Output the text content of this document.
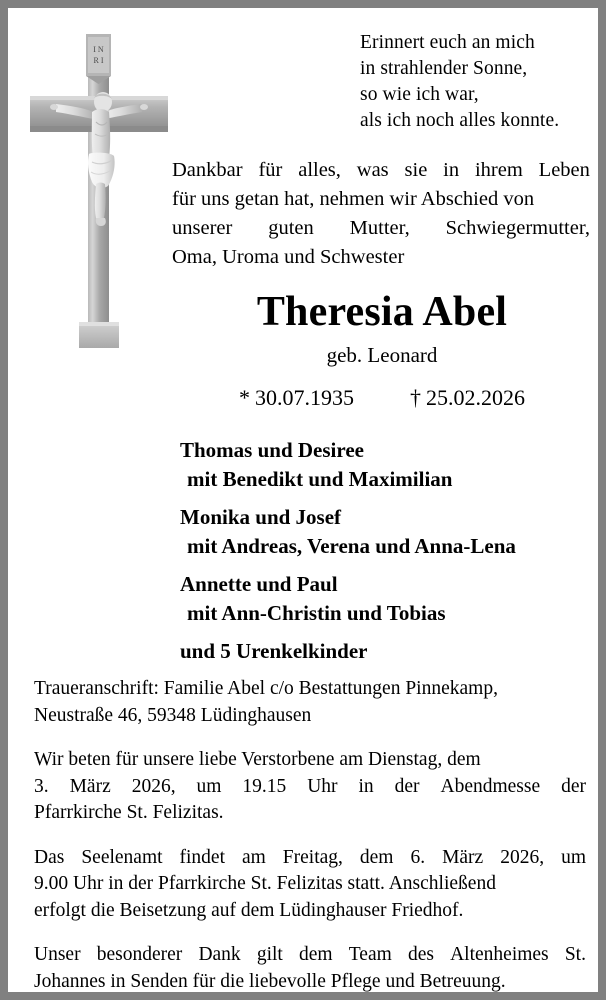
I N
R I
Erinnert euch an mich
in strahlender Sonne,
so wie ich war,
als ich noch alles konnte.
Dankbar für alles, was sie in ihrem Leben
für uns getan hat, nehmen wir Abschied von
unserer guten Mutter, Schwiegermutter,
Oma, Uroma und Schwester
Theresia Abel
geb. Leonard
* 30.07.1935	† 25.02.2026
Thomas und Desiree
mit Benedikt und Maximilian
Monika und Josef
mit Andreas, Verena und Anna-Lena
Annette und Paul
mit Ann-Christin und Tobias
und 5 Urenkelkinder
Traueranschrift: Familie Abel c/o Bestattungen Pinnekamp,
Neustraße 46, 59348 Lüdinghausen
Wir beten für unsere liebe Verstorbene am Dienstag, dem
3. März 2026, um 19.15 Uhr in der Abendmesse der
Pfarrkirche St. Felizitas.
Das Seelenamt findet am Freitag, dem 6. März 2026, um
9.00 Uhr in der Pfarrkirche St. Felizitas statt. Anschließend
erfolgt die Beisetzung auf dem Lüdinghauser Friedhof.
Unser besonderer Dank gilt dem Team des Altenheimes St.
Johannes in Senden für die liebevolle Pflege und Betreuung.
